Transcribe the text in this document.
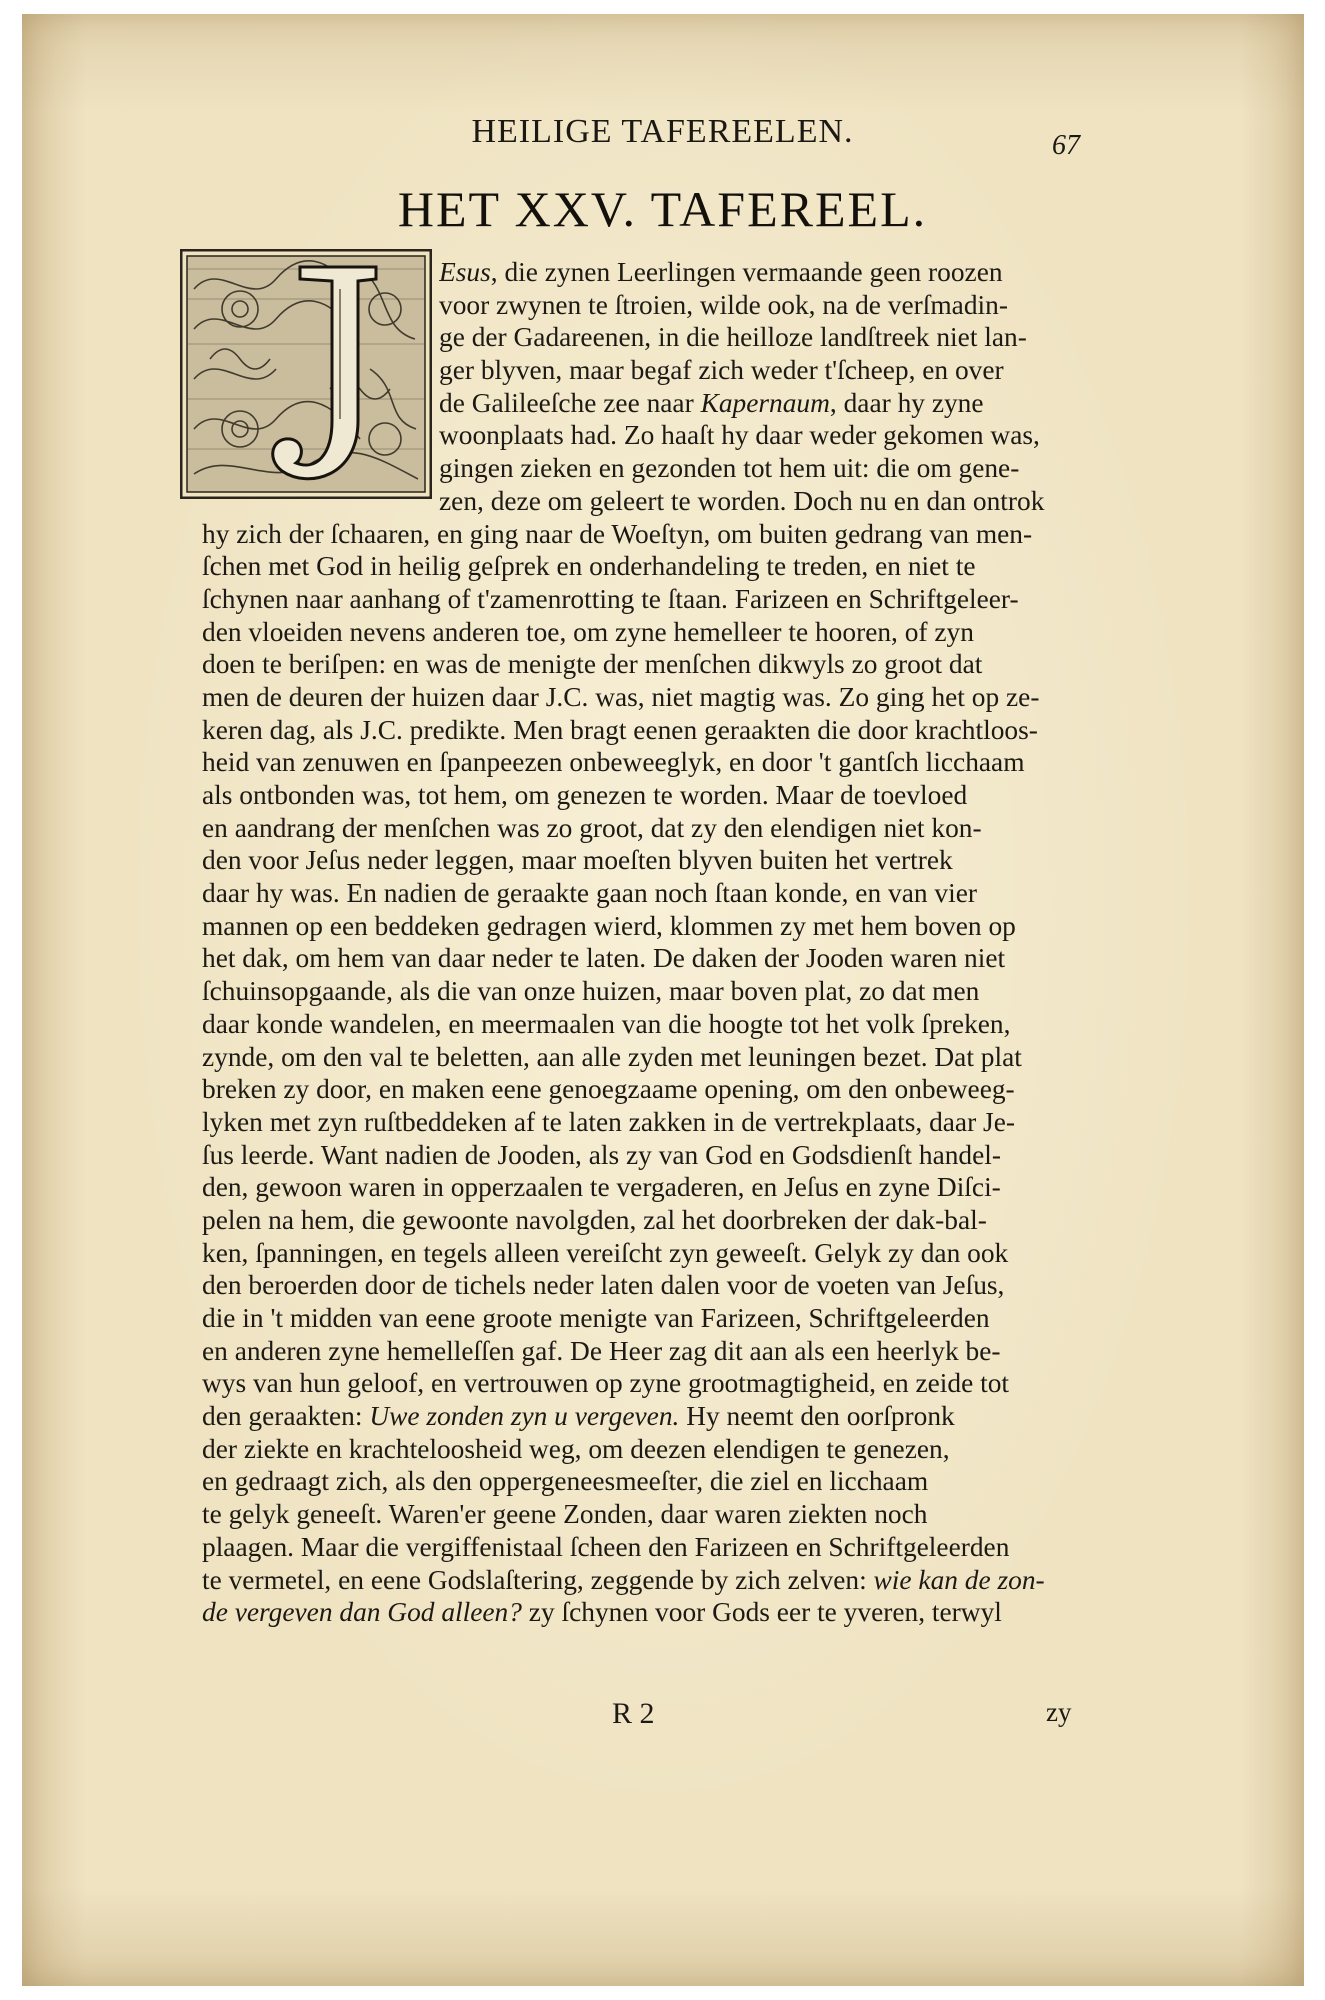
HEILIGE TAFEREELEN.	67
HET XXV. TAFEREEL.
Esus, die zynen Leerlingen vermaande geen roozen
voor zwynen te ſtroien, wilde ook, na de verſmadin-
ge der Gadareenen, in die heilloze landſtreek niet lan-
ger blyven, maar begaf zich weder t'ſcheep, en over
de Galileeſche zee naar Kapernaum, daar hy zyne
woonplaats had. Zo haaſt hy daar weder gekomen was,
gingen zieken en gezonden tot hem uit: die om gene-
zen, deze om geleert te worden. Doch nu en dan ontrok
hy zich der ſchaaren, en ging naar de Woeſtyn, om buiten gedrang van men-
ſchen met God in heilig geſprek en onderhandeling te treden, en niet te
ſchynen naar aanhang of t'zamenrotting te ſtaan. Farizeen en Schriftgeleer-
den vloeiden nevens anderen toe, om zyne hemelleer te hooren, of zyn
doen te beriſpen: en was de menigte der menſchen dikwyls zo groot dat
men de deuren der huizen daar J.C. was, niet magtig was. Zo ging het op ze-
keren dag, als J.C. predikte. Men bragt eenen geraakten die door krachtloos-
heid van zenuwen en ſpanpeezen onbeweeglyk, en door 't gantſch licchaam
als ontbonden was, tot hem, om genezen te worden. Maar de toevloed
en aandrang der menſchen was zo groot, dat zy den elendigen niet kon-
den voor Jeſus neder leggen, maar moeſten blyven buiten het vertrek
daar hy was. En nadien de geraakte gaan noch ſtaan konde, en van vier
mannen op een beddeken gedragen wierd, klommen zy met hem boven op
het dak, om hem van daar neder te laten. De daken der Jooden waren niet
ſchuinsopgaande, als die van onze huizen, maar boven plat, zo dat men
daar konde wandelen, en meermaalen van die hoogte tot het volk ſpreken,
zynde, om den val te beletten, aan alle zyden met leuningen bezet. Dat plat
breken zy door, en maken eene genoegzaame opening, om den onbeweeg-
lyken met zyn ruſtbeddeken af te laten zakken in de vertrekplaats, daar Je-
ſus leerde. Want nadien de Jooden, als zy van God en Godsdienſt handel-
den, gewoon waren in opperzaalen te vergaderen, en Jeſus en zyne Diſci-
pelen na hem, die gewoonte navolgden, zal het doorbreken der dak-bal-
ken, ſpanningen, en tegels alleen vereiſcht zyn geweeſt. Gelyk zy dan ook
den beroerden door de tichels neder laten dalen voor de voeten van Jeſus,
die in 't midden van eene groote menigte van Farizeen, Schriftgeleerden
en anderen zyne hemelleſſen gaf. De Heer zag dit aan als een heerlyk be-
wys van hun geloof, en vertrouwen op zyne grootmagtigheid, en zeide tot
den geraakten: Uwe zonden zyn u vergeven. Hy neemt den oorſpronk
der ziekte en krachteloosheid weg, om deezen elendigen te genezen,
en gedraagt zich, als den oppergeneesmeeſter, die ziel en licchaam
te gelyk geneeſt. Waren'er geene Zonden, daar waren ziekten noch
plaagen. Maar die vergiffenistaal ſcheen den Farizeen en Schriftgeleerden
te vermetel, en eene Godslaſtering, zeggende by zich zelven: wie kan de zon-
de vergeven dan God alleen? zy ſchynen voor Gods eer te yveren, terwyl
R 2	zy
